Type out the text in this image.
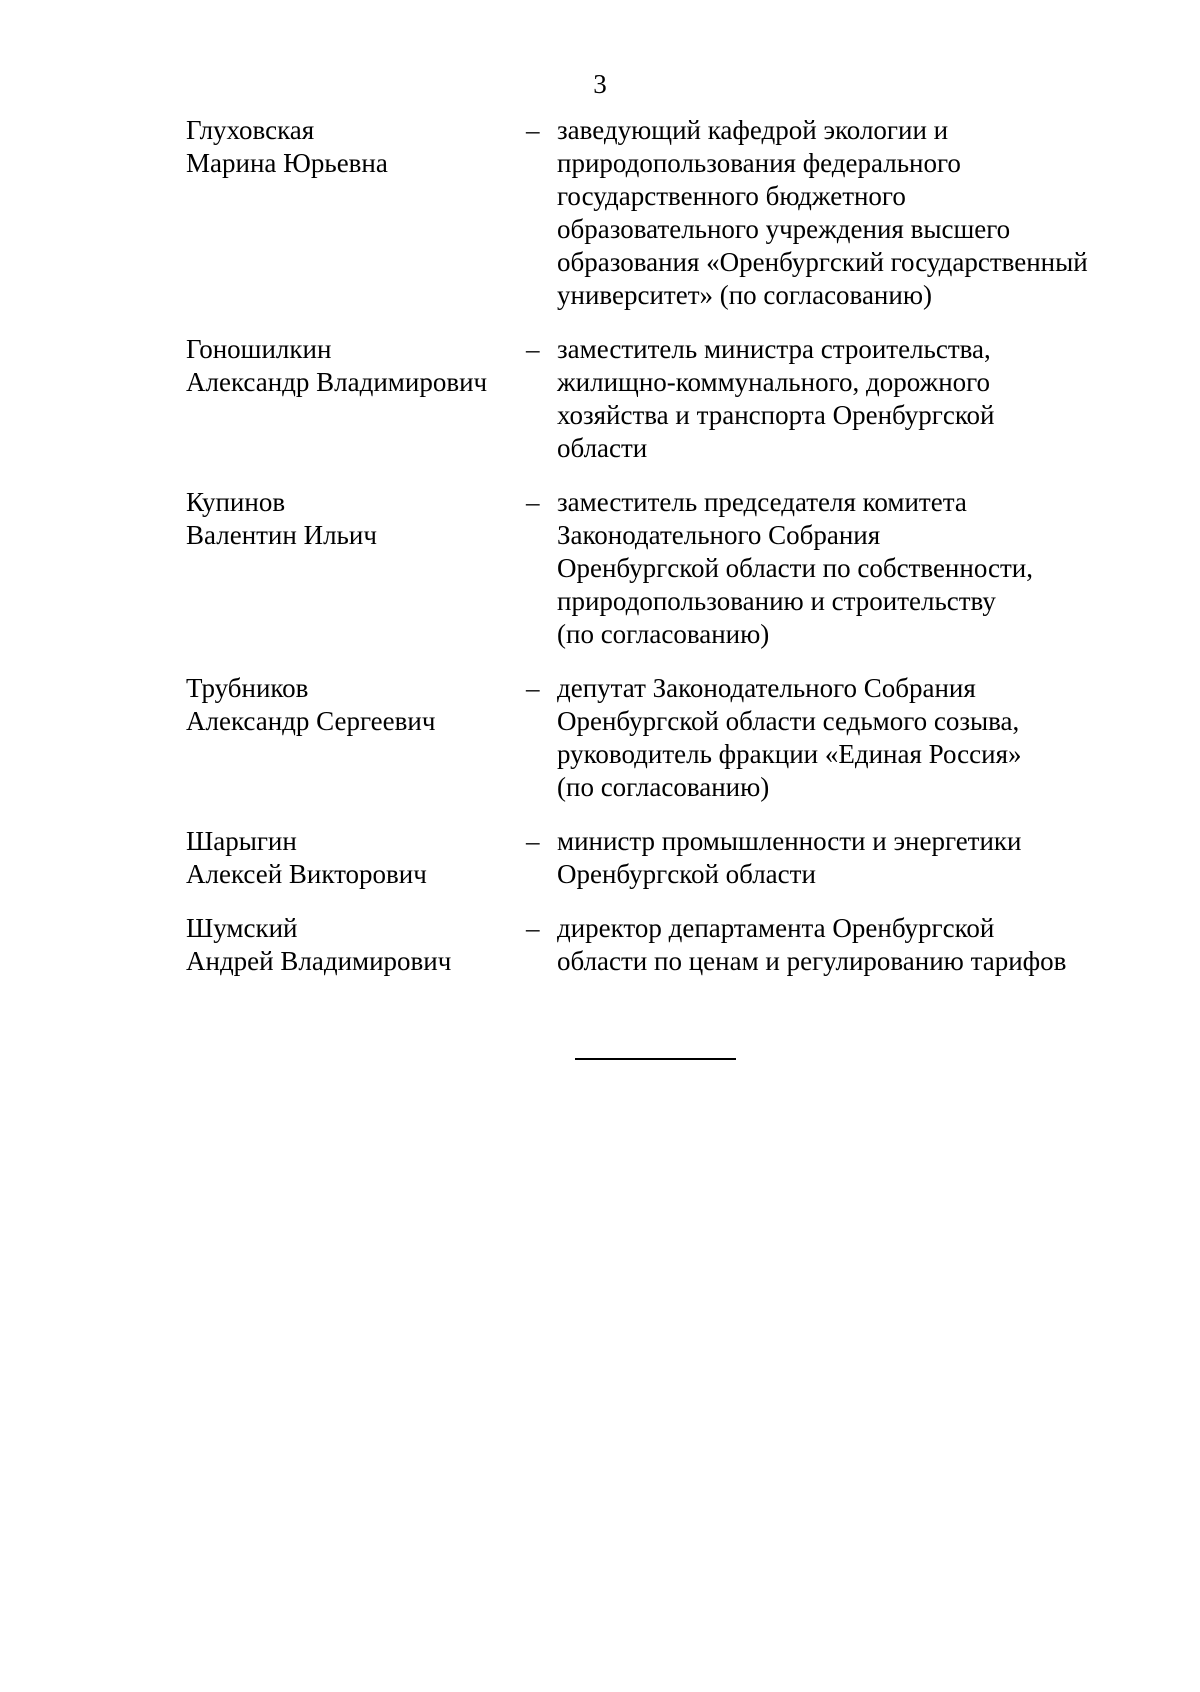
3
Глуховская
Марина Юрьевна
– заведующий кафедрой экологии и
природопользования федерального
государственного бюджетного
образовательного учреждения высшего
образования «Оренбургский государственный
университет» (по согласованию)
Гоношилкин
Александр Владимирович
– заместитель министра строительства,
жилищно-коммунального, дорожного
хозяйства и транспорта Оренбургской
области
Купинов
Валентин Ильич
– заместитель председателя комитета
Законодательного Собрания
Оренбургской области по собственности,
природопользованию и строительству
(по согласованию)
Трубников
Александр Сергеевич
– депутат Законодательного Собрания
Оренбургской области седьмого созыва,
руководитель фракции «Единая Россия»
(по согласованию)
Шарыгин
Алексей Викторович
– министр промышленности и энергетики
Оренбургской области
Шумский
Андрей Владимирович
– директор департамента Оренбургской
области по ценам и регулированию тарифов
